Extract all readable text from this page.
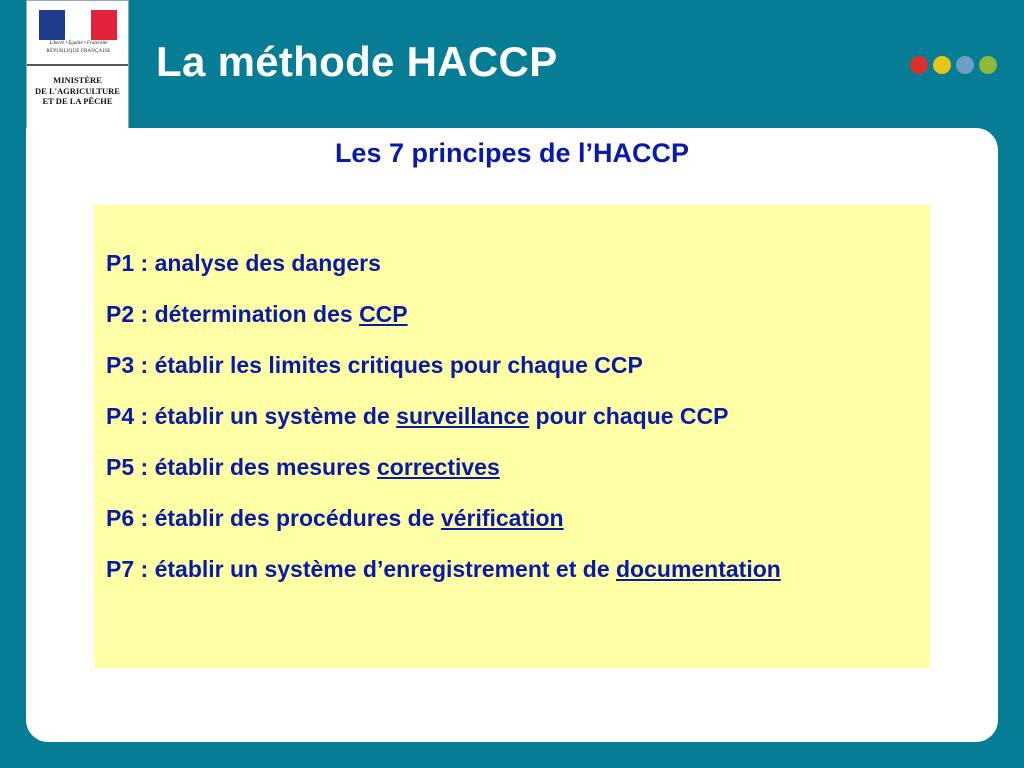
Liberté • Égalité • Fraternité
RÉPUBLIQUE FRANÇAISE
MINISTÈRE
DE L'AGRICULTURE
ET DE LA PÊCHE
La méthode HACCP
Les 7 principes de l’HACCP
P1 : analyse des dangers
P2 : détermination des CCP
P3 : établir les limites critiques pour chaque CCP
P4 : établir un système de surveillance pour chaque CCP
P5 : établir des mesures correctives
P6 : établir des procédures de vérification
P7 : établir un système d’enregistrement et de documentation
